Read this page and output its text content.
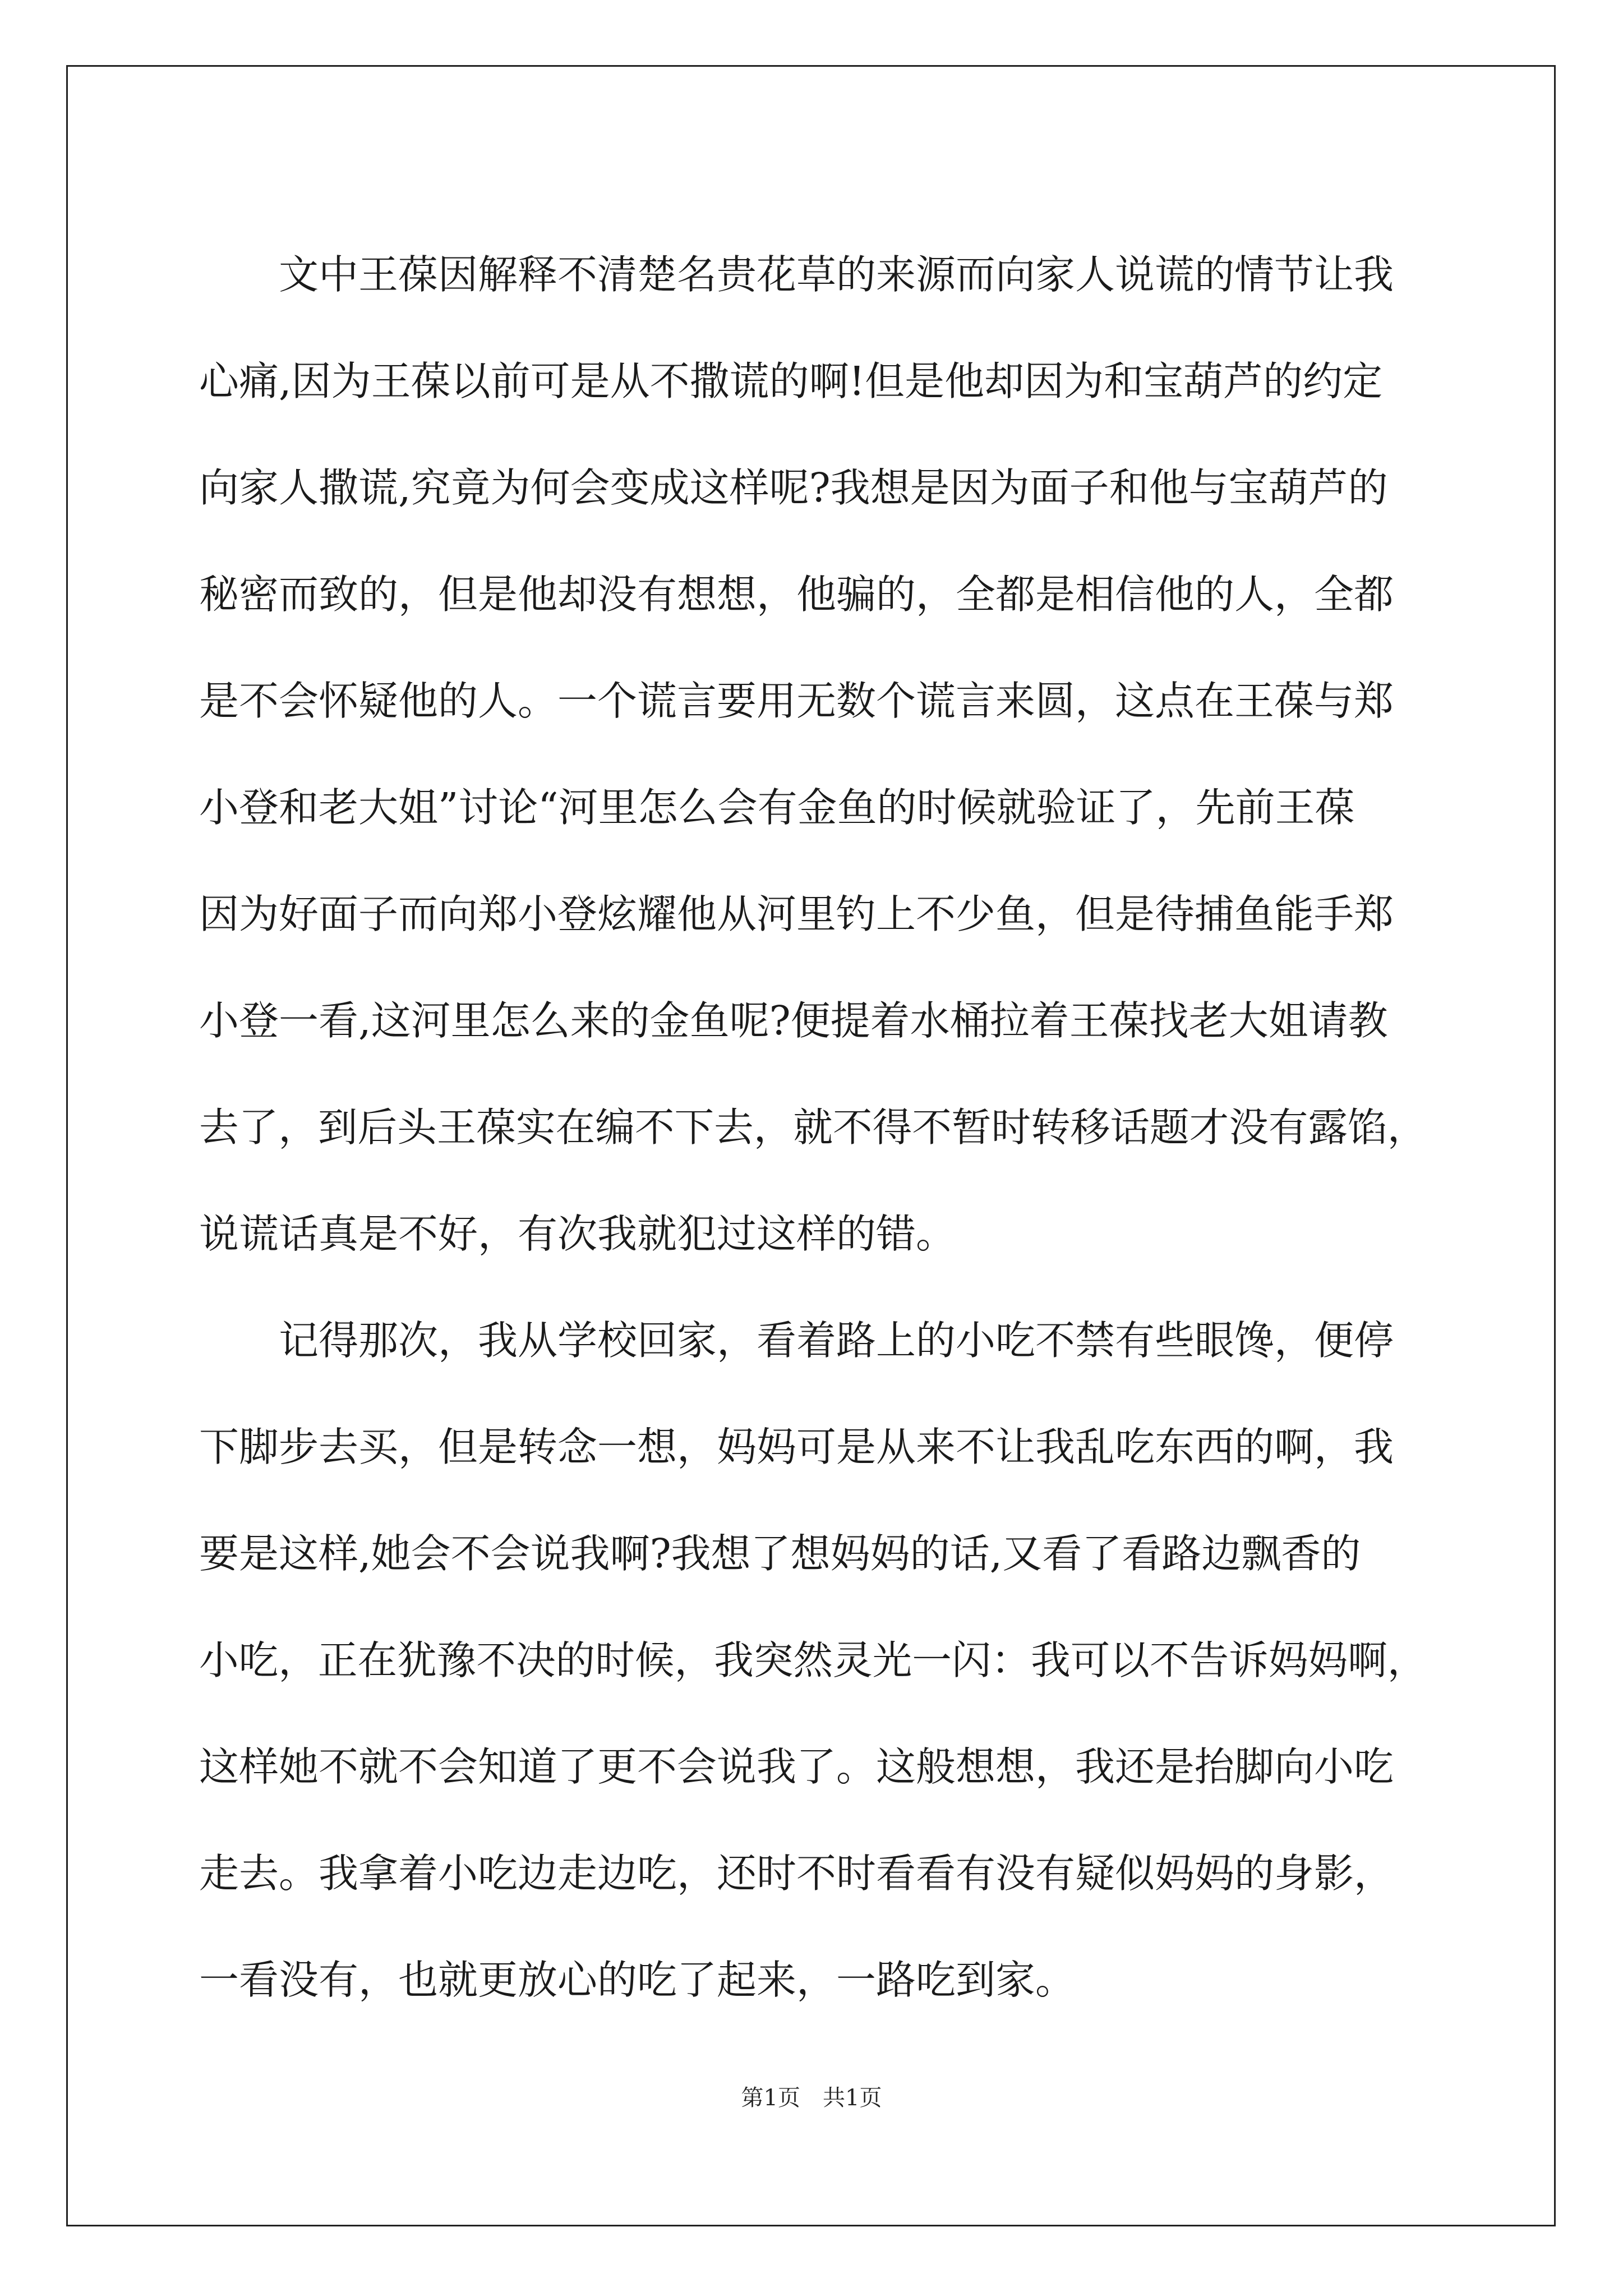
文中王葆因解释不清楚名贵花草的来源而向家人说谎的情节让我
心痛,因为王葆以前可是从不撒谎的啊!但是他却因为和宝葫芦的约定
向家人撒谎,究竟为何会变成这样呢?我想是因为面子和他与宝葫芦的
秘密而致的，但是他却没有想想，他骗的，全都是相信他的人，全都
是不会怀疑他的人。一个谎言要用无数个谎言来圆，这点在王葆与郑
小登和老大姐”讨论“河里怎么会有金鱼的时候就验证了，先前王葆
因为好面子而向郑小登炫耀他从河里钓上不少鱼，但是待捕鱼能手郑
小登一看,这河里怎么来的金鱼呢?便提着水桶拉着王葆找老大姐请教
去了，到后头王葆实在编不下去，就不得不暂时转移话题才没有露馅，
说谎话真是不好，有次我就犯过这样的错。
记得那次，我从学校回家，看着路上的小吃不禁有些眼馋，便停
下脚步去买，但是转念一想，妈妈可是从来不让我乱吃东西的啊，我
要是这样,她会不会说我啊?我想了想妈妈的话,又看了看路边飘香的
小吃，正在犹豫不决的时候，我突然灵光一闪：我可以不告诉妈妈啊，
这样她不就不会知道了更不会说我了。这般想想，我还是抬脚向小吃
走去。我拿着小吃边走边吃，还时不时看看有没有疑似妈妈的身影，
一看没有，也就更放心的吃了起来，一路吃到家。
第1页 共1页
